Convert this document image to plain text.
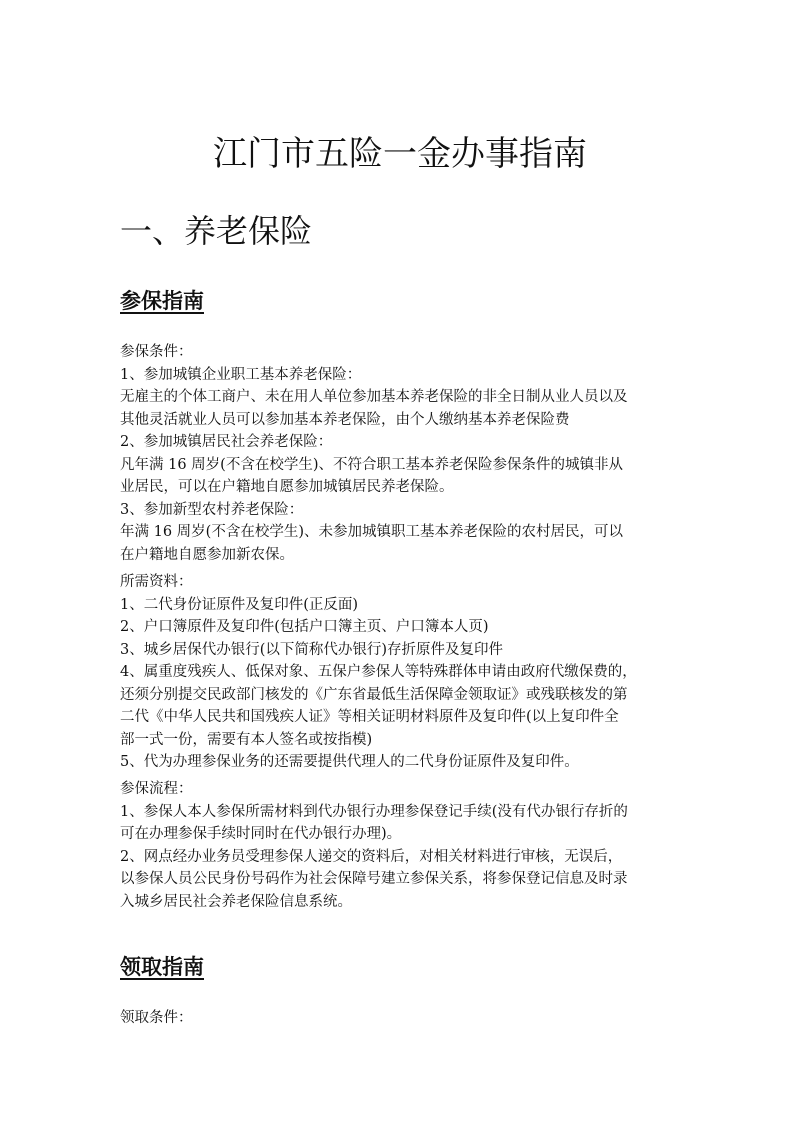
江门市五险一金办事指南
一、养老保险
参保指南
参保条件：
1、参加城镇企业职工基本养老保险：
无雇主的个体工商户、未在用人单位参加基本养老保险的非全日制从业人员以及
其他灵活就业人员可以参加基本养老保险，由个人缴纳基本养老保险费
2、参加城镇居民社会养老保险：
凡年满 16 周岁(不含在校学生)、不符合职工基本养老保险参保条件的城镇非从
业居民，可以在户籍地自愿参加城镇居民养老保险。
3、参加新型农村养老保险：
年满 16 周岁(不含在校学生)、未参加城镇职工基本养老保险的农村居民，可以
在户籍地自愿参加新农保。
所需资料：
1、二代身份证原件及复印件(正反面)
2、户口簿原件及复印件(包括户口簿主页、户口簿本人页)
3、城乡居保代办银行(以下简称代办银行)存折原件及复印件
4、属重度残疾人、低保对象、五保户参保人等特殊群体申请由政府代缴保费的，
还须分别提交民政部门核发的《广东省最低生活保障金领取证》或残联核发的第
二代《中华人民共和国残疾人证》等相关证明材料原件及复印件(以上复印件全
部一式一份，需要有本人签名或按指模)
5、代为办理参保业务的还需要提供代理人的二代身份证原件及复印件。
参保流程：
1、参保人本人参保所需材料到代办银行办理参保登记手续(没有代办银行存折的
可在办理参保手续时同时在代办银行办理)。
2、网点经办业务员受理参保人递交的资料后，对相关材料进行审核，无误后，
以参保人员公民身份号码作为社会保障号建立参保关系，将参保登记信息及时录
入城乡居民社会养老保险信息系统。
领取指南
领取条件：
